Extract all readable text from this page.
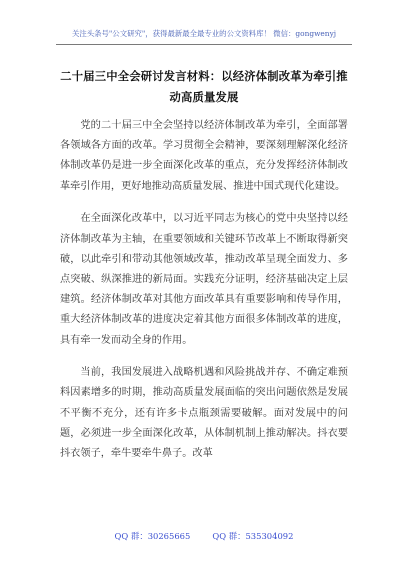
关注头条号"公文研究"，获得最新最全最专业的公文资料库！ 微信：gongwenyj
二十届三中全会研讨发言材料：以经济体制改革为牵引推动高质量发展

党的二十届三中全会坚持以经济体制改革为牵引，全面部署各领域各方面的改革。学习贯彻全会精神，要深刻理解深化经济体制改革仍是进一步全面深化改革的重点，充分发挥经济体制改革牵引作用，更好地推动高质量发展、推进中国式现代化建设。

在全面深化改革中，以习近平同志为核心的党中央坚持以经济体制改革为主轴，在重要领域和关键环节改革上不断取得新突破，以此牵引和带动其他领域改革，推动改革呈现全面发力、多点突破、纵深推进的新局面。实践充分证明，经济基础决定上层建筑。经济体制改革对其他方面改革具有重要影响和传导作用，重大经济体制改革的进度决定着其他方面很多体制改革的进度，具有牵一发而动全身的作用。

当前，我国发展进入战略机遇和风险挑战并存、不确定难预料因素增多的时期，推动高质量发展面临的突出问题依然是发展不平衡不充分，还有许多卡点瓶颈需要破解。面对发展中的问题，必须进一步全面深化改革，从体制机制上推动解决。抖衣要抖衣领子，牵牛要牵牛鼻子。改革

QQ 群：30265665	QQ 群：535304092
